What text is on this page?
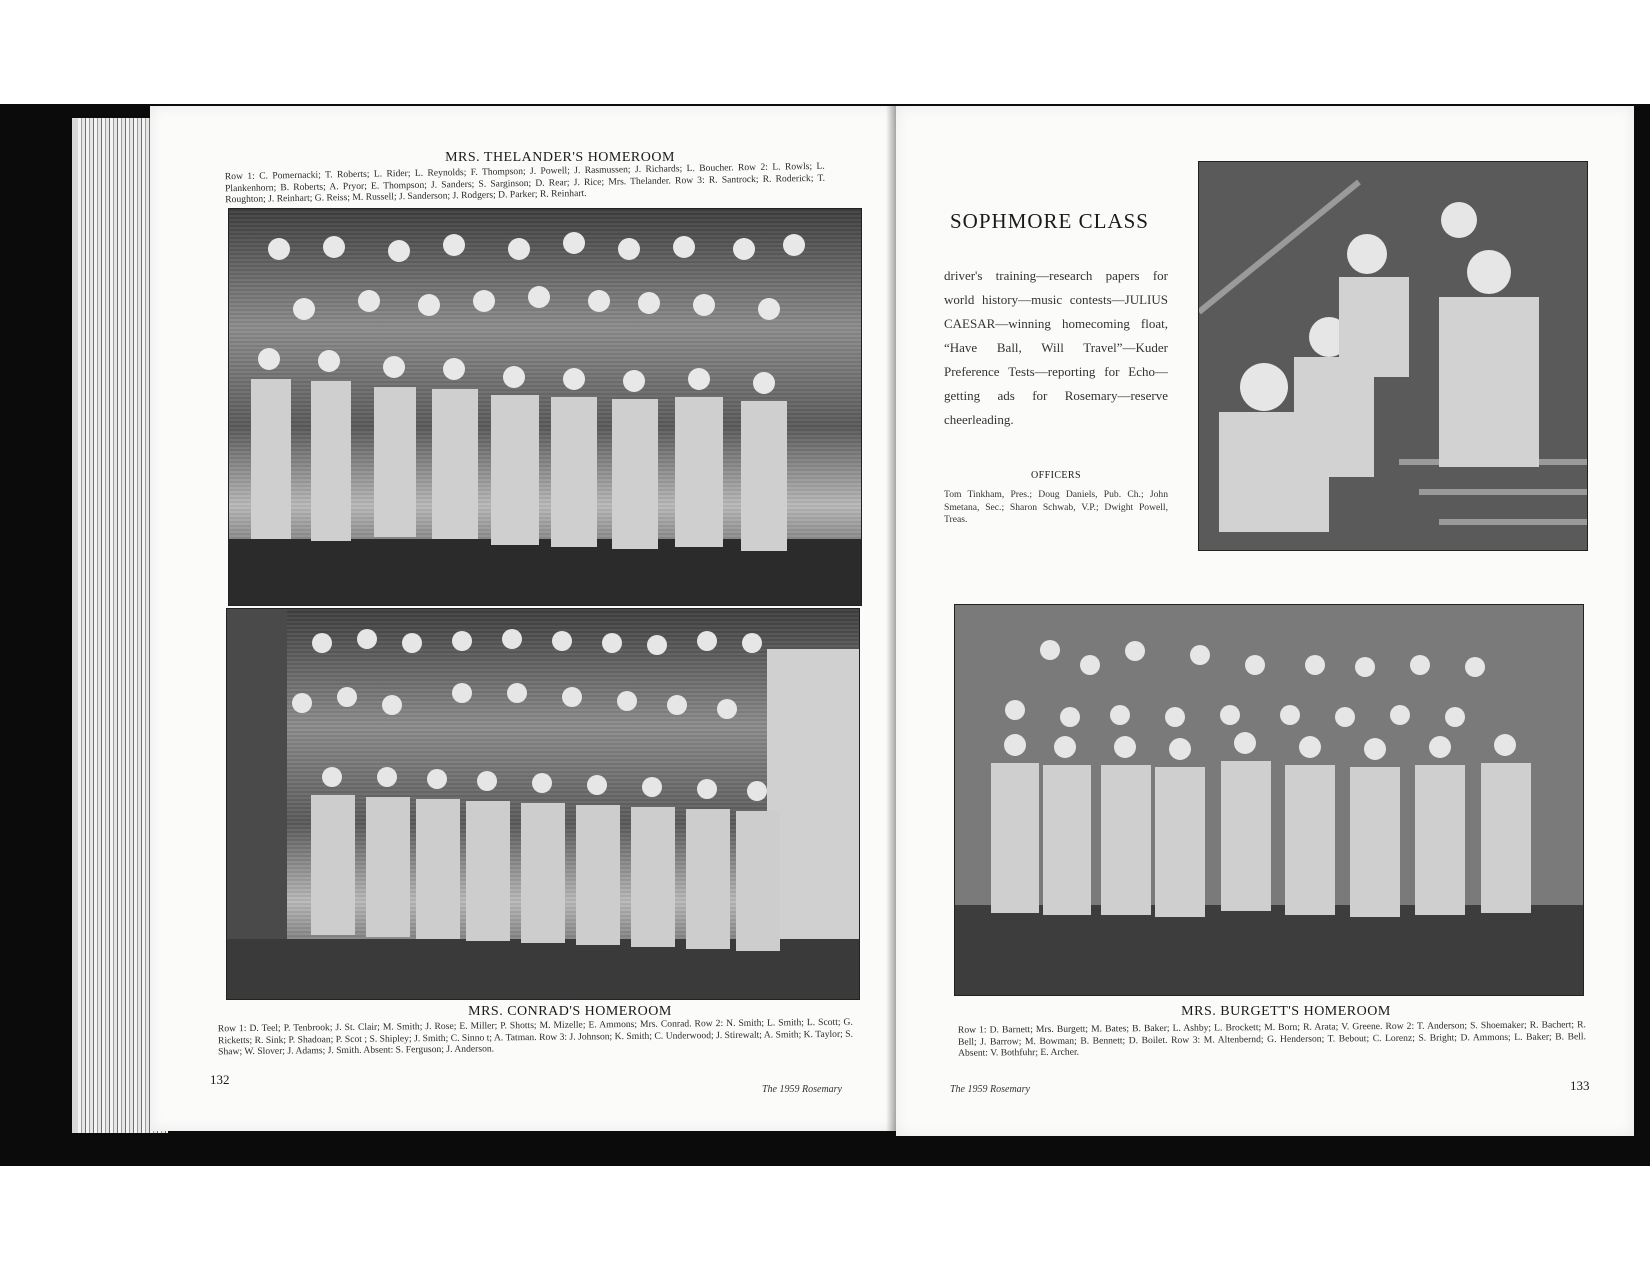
MRS. THELANDER'S HOMEROOM
Row 1: C. Pomernacki; T. Roberts; L. Rider; L. Reynolds; F. Thompson; J. Powell; J. Rasmussen; J. Richards; L. Boucher. Row 2: L. Rowls; L. Plankenhorn; B. Roberts; A. Pryor; E. Thompson; J. Sanders; S. Sarginson; D. Rear; J. Rice; Mrs. Thelander. Row 3: R. Santrock; R. Roderick; T. Roughton; J. Reinhart; G. Reiss; M. Russell; J. Sanderson; J. Rodgers; D. Parker; R. Reinhart.
MRS. CONRAD'S HOMEROOM
Row 1: D. Teel; P. Tenbrook; J. St. Clair; M. Smith; J. Rose; E. Miller; P. Shotts; M. Mizelle; E. Ammons; Mrs. Conrad. Row 2: N. Smith; L. Smith; L. Scott; G. Ricketts; R. Sink; P. Shadoan; P. Scot ; S. Shipley; J. Smith; C. Sinno t; A. Tatman. Row 3: J. Johnson; K. Smith; C. Underwood; J. Stirewalt; A. Smith; K. Taylor; S. Shaw; W. Slover; J. Adams; J. Smith. Absent: S. Ferguson; J. Anderson.
132
The 1959 Rosemary
SOPHMORE CLASS
driver's training—research papers for world history—music contests—JULIUS CAESAR—winning homecoming float, “Have Ball, Will Travel”—Kuder Preference Tests—reporting for Echo—getting ads for Rosemary—reserve cheerleading.
OFFICERS
Tom Tinkham, Pres.; Doug Daniels, Pub. Ch.; John Smetana, Sec.; Sharon Schwab, V.P.; Dwight Powell, Treas.
MRS. BURGETT'S HOMEROOM
Row 1: D. Barnett; Mrs. Burgett; M. Bates; B. Baker; L. Ashby; L. Brockett; M. Born; R. Arata; V. Greene. Row 2: T. Anderson; S. Shoemaker; R. Bachert; R. Bell; J. Barrow; M. Bowman; B. Bennett; D. Boilet. Row 3: M. Altenbernd; G. Henderson; T. Bebout; C. Lorenz; S. Bright; D. Ammons; L. Baker; B. Bell. Absent: V. Bothfuhr; E. Archer.
The 1959 Rosemary	133
